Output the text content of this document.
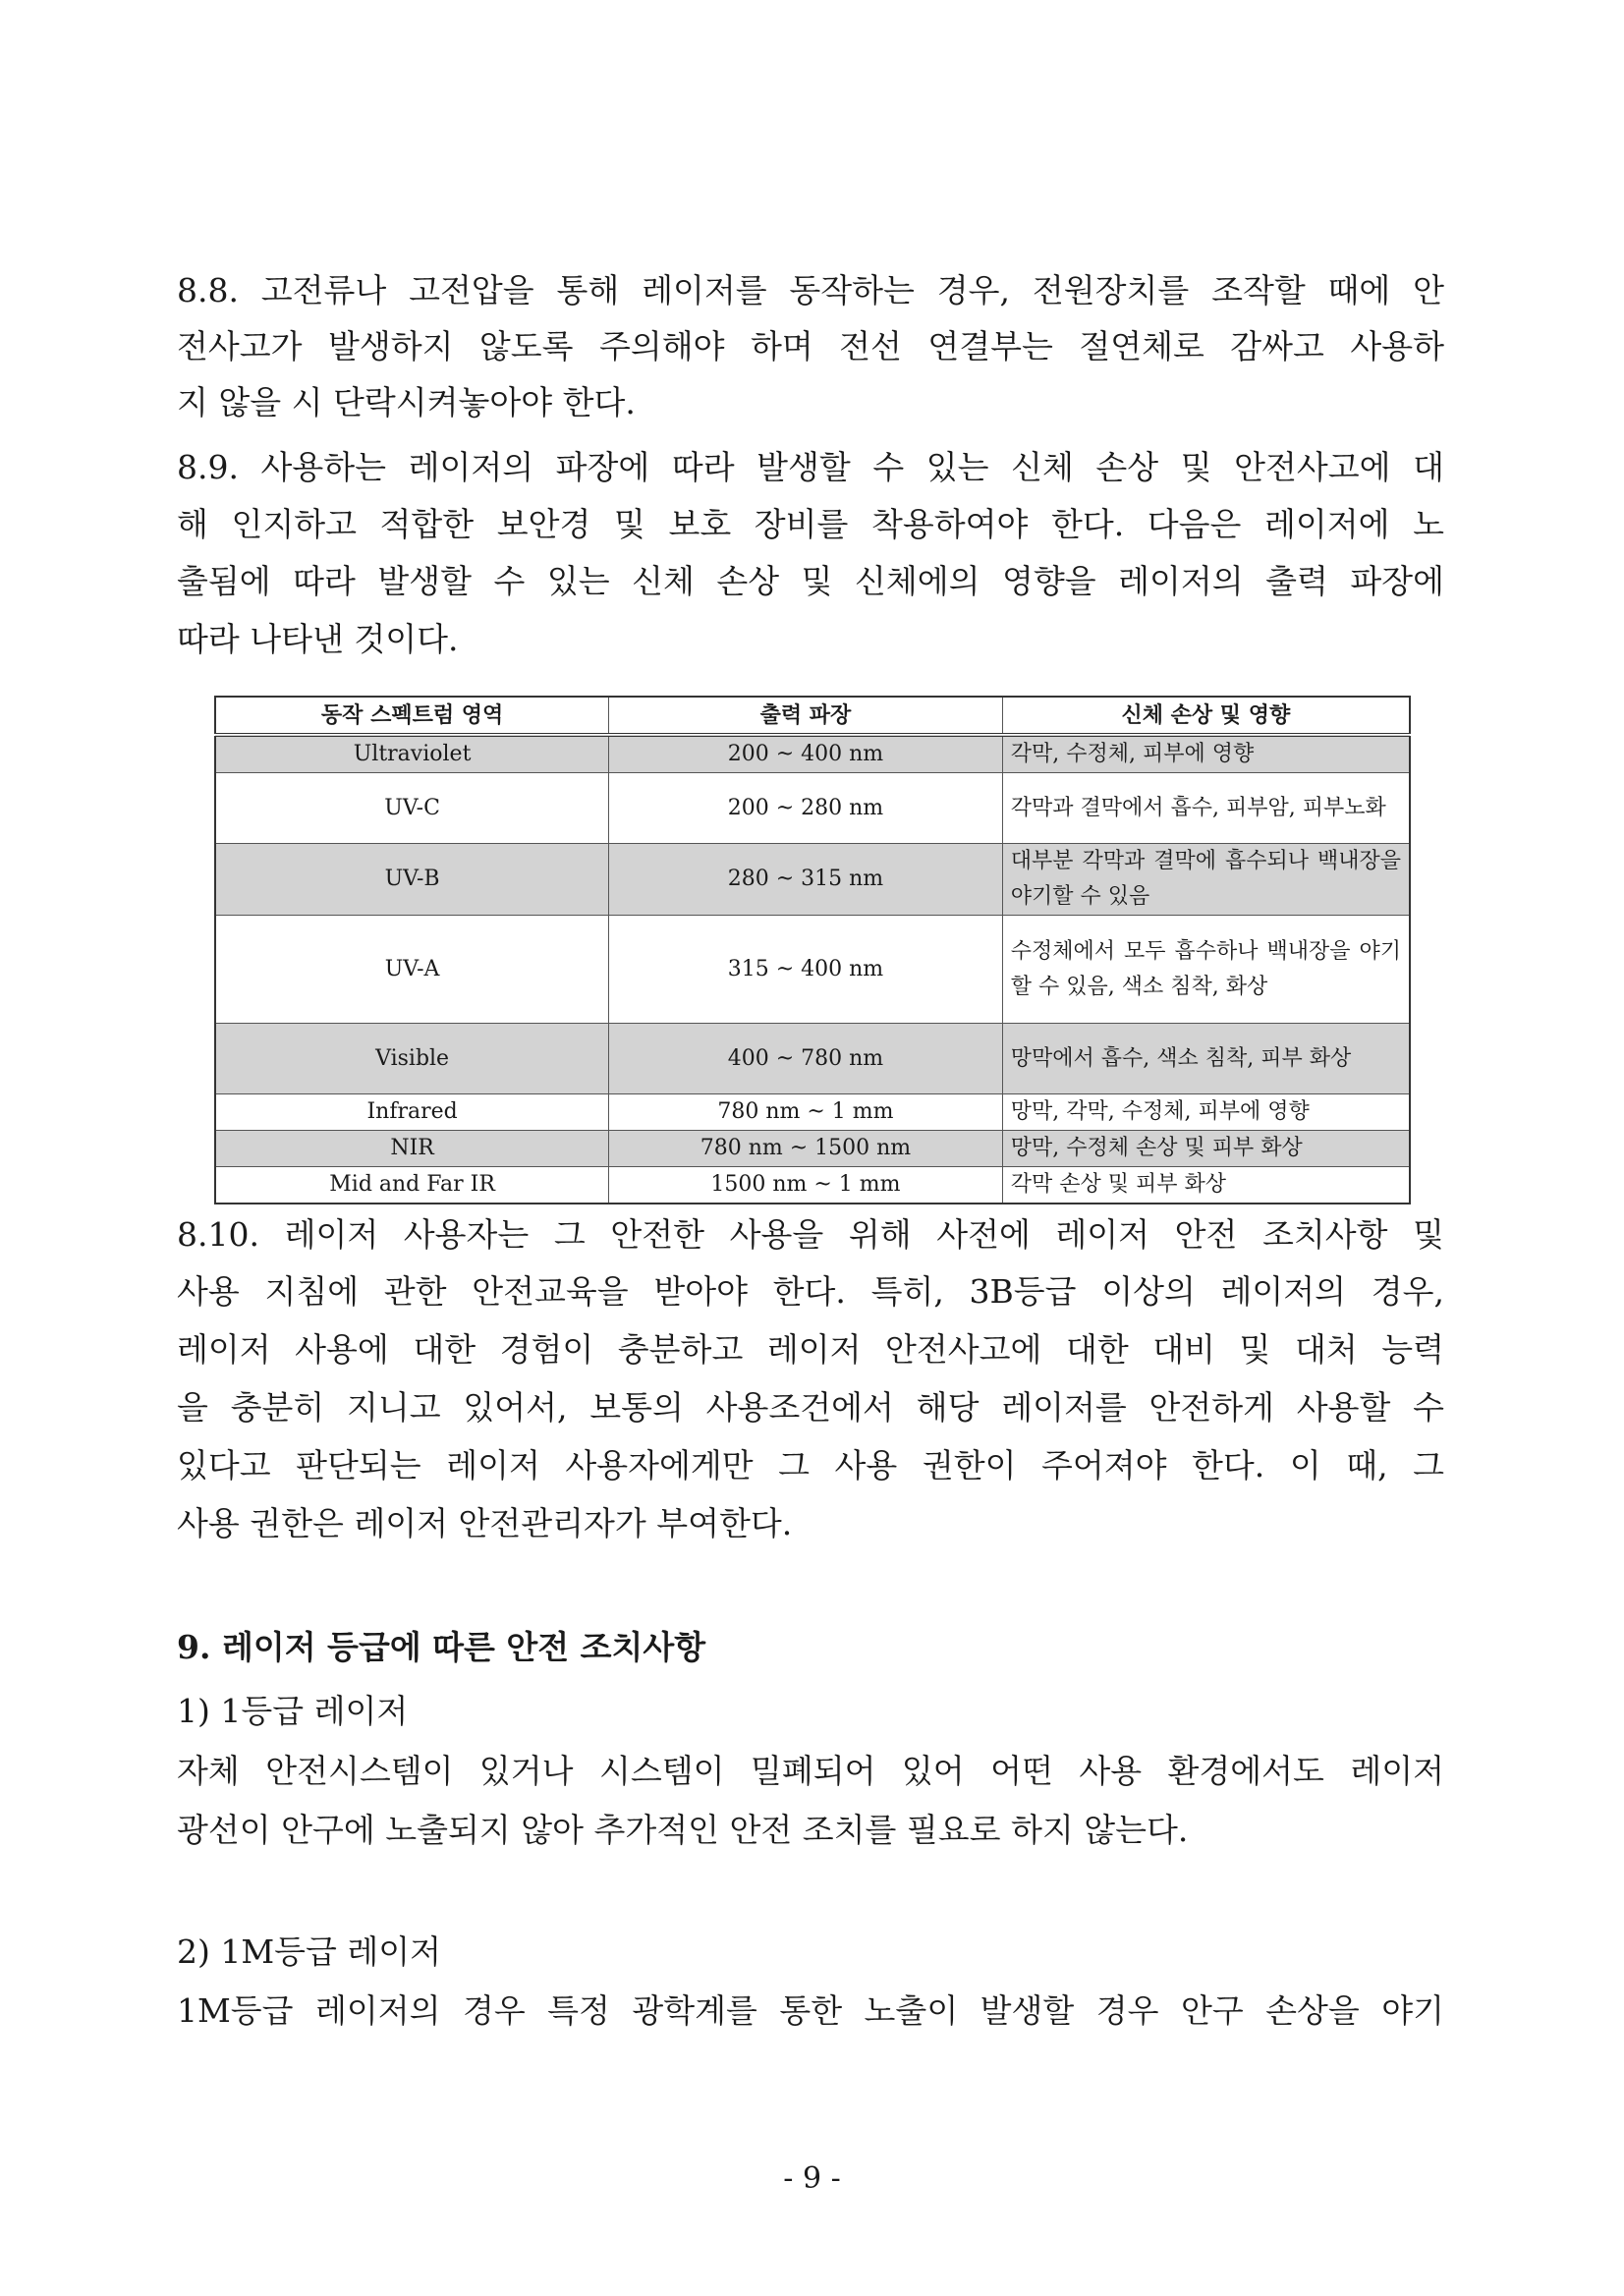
8.8. 고전류나 고전압을 통해 레이저를 동작하는 경우, 전원장치를 조작할 때에 안

전사고가 발생하지 않도록 주의해야 하며 전선 연결부는 절연체로 감싸고 사용하

지 않을 시 단락시켜놓아야 한다.

8.9. 사용하는 레이저의 파장에 따라 발생할 수 있는 신체 손상 및 안전사고에 대

해 인지하고 적합한 보안경 및 보호 장비를 착용하여야 한다. 다음은 레이저에 노

출됨에 따라 발생할 수 있는 신체 손상 및 신체에의 영향을 레이저의 출력 파장에

따라 나타낸 것이다.

동작 스펙트럼 영역	출력 파장	신체 손상 및 영향
Ultraviolet	200 ~ 400 nm	각막, 수정체, 피부에 영향
UV-C	200 ~ 280 nm	각막과 결막에서 흡수, 피부암, 피부노화
UV-B	280 ~ 315 nm	대부분 각막과 결막에 흡수되나 백내장을 야기할 수 있음
UV-A	315 ~ 400 nm	수정체에서 모두 흡수하나 백내장을 야기할 수 있음, 색소 침착, 화상
Visible	400 ~ 780 nm	망막에서 흡수, 색소 침착, 피부 화상
Infrared	780 nm ~ 1 mm	망막, 각막, 수정체, 피부에 영향
NIR	780 nm ~ 1500 nm	망막, 수정체 손상 및 피부 화상
Mid and Far IR	1500 nm ~ 1 mm	각막 손상 및 피부 화상

8.10. 레이저 사용자는 그 안전한 사용을 위해 사전에 레이저 안전 조치사항 및

사용 지침에 관한 안전교육을 받아야 한다. 특히, 3B등급 이상의 레이저의 경우,

레이저 사용에 대한 경험이 충분하고 레이저 안전사고에 대한 대비 및 대처 능력

을 충분히 지니고 있어서, 보통의 사용조건에서 해당 레이저를 안전하게 사용할 수

있다고 판단되는 레이저 사용자에게만 그 사용 권한이 주어져야 한다. 이 때, 그

사용 권한은 레이저 안전관리자가 부여한다.

9. 레이저 등급에 따른 안전 조치사항

1) 1등급 레이저

자체 안전시스템이 있거나 시스템이 밀폐되어 있어 어떤 사용 환경에서도 레이저

광선이 안구에 노출되지 않아 추가적인 안전 조치를 필요로 하지 않는다.

2) 1M등급 레이저

1M등급 레이저의 경우 특정 광학계를 통한 노출이 발생할 경우 안구 손상을 야기

- 9 -
